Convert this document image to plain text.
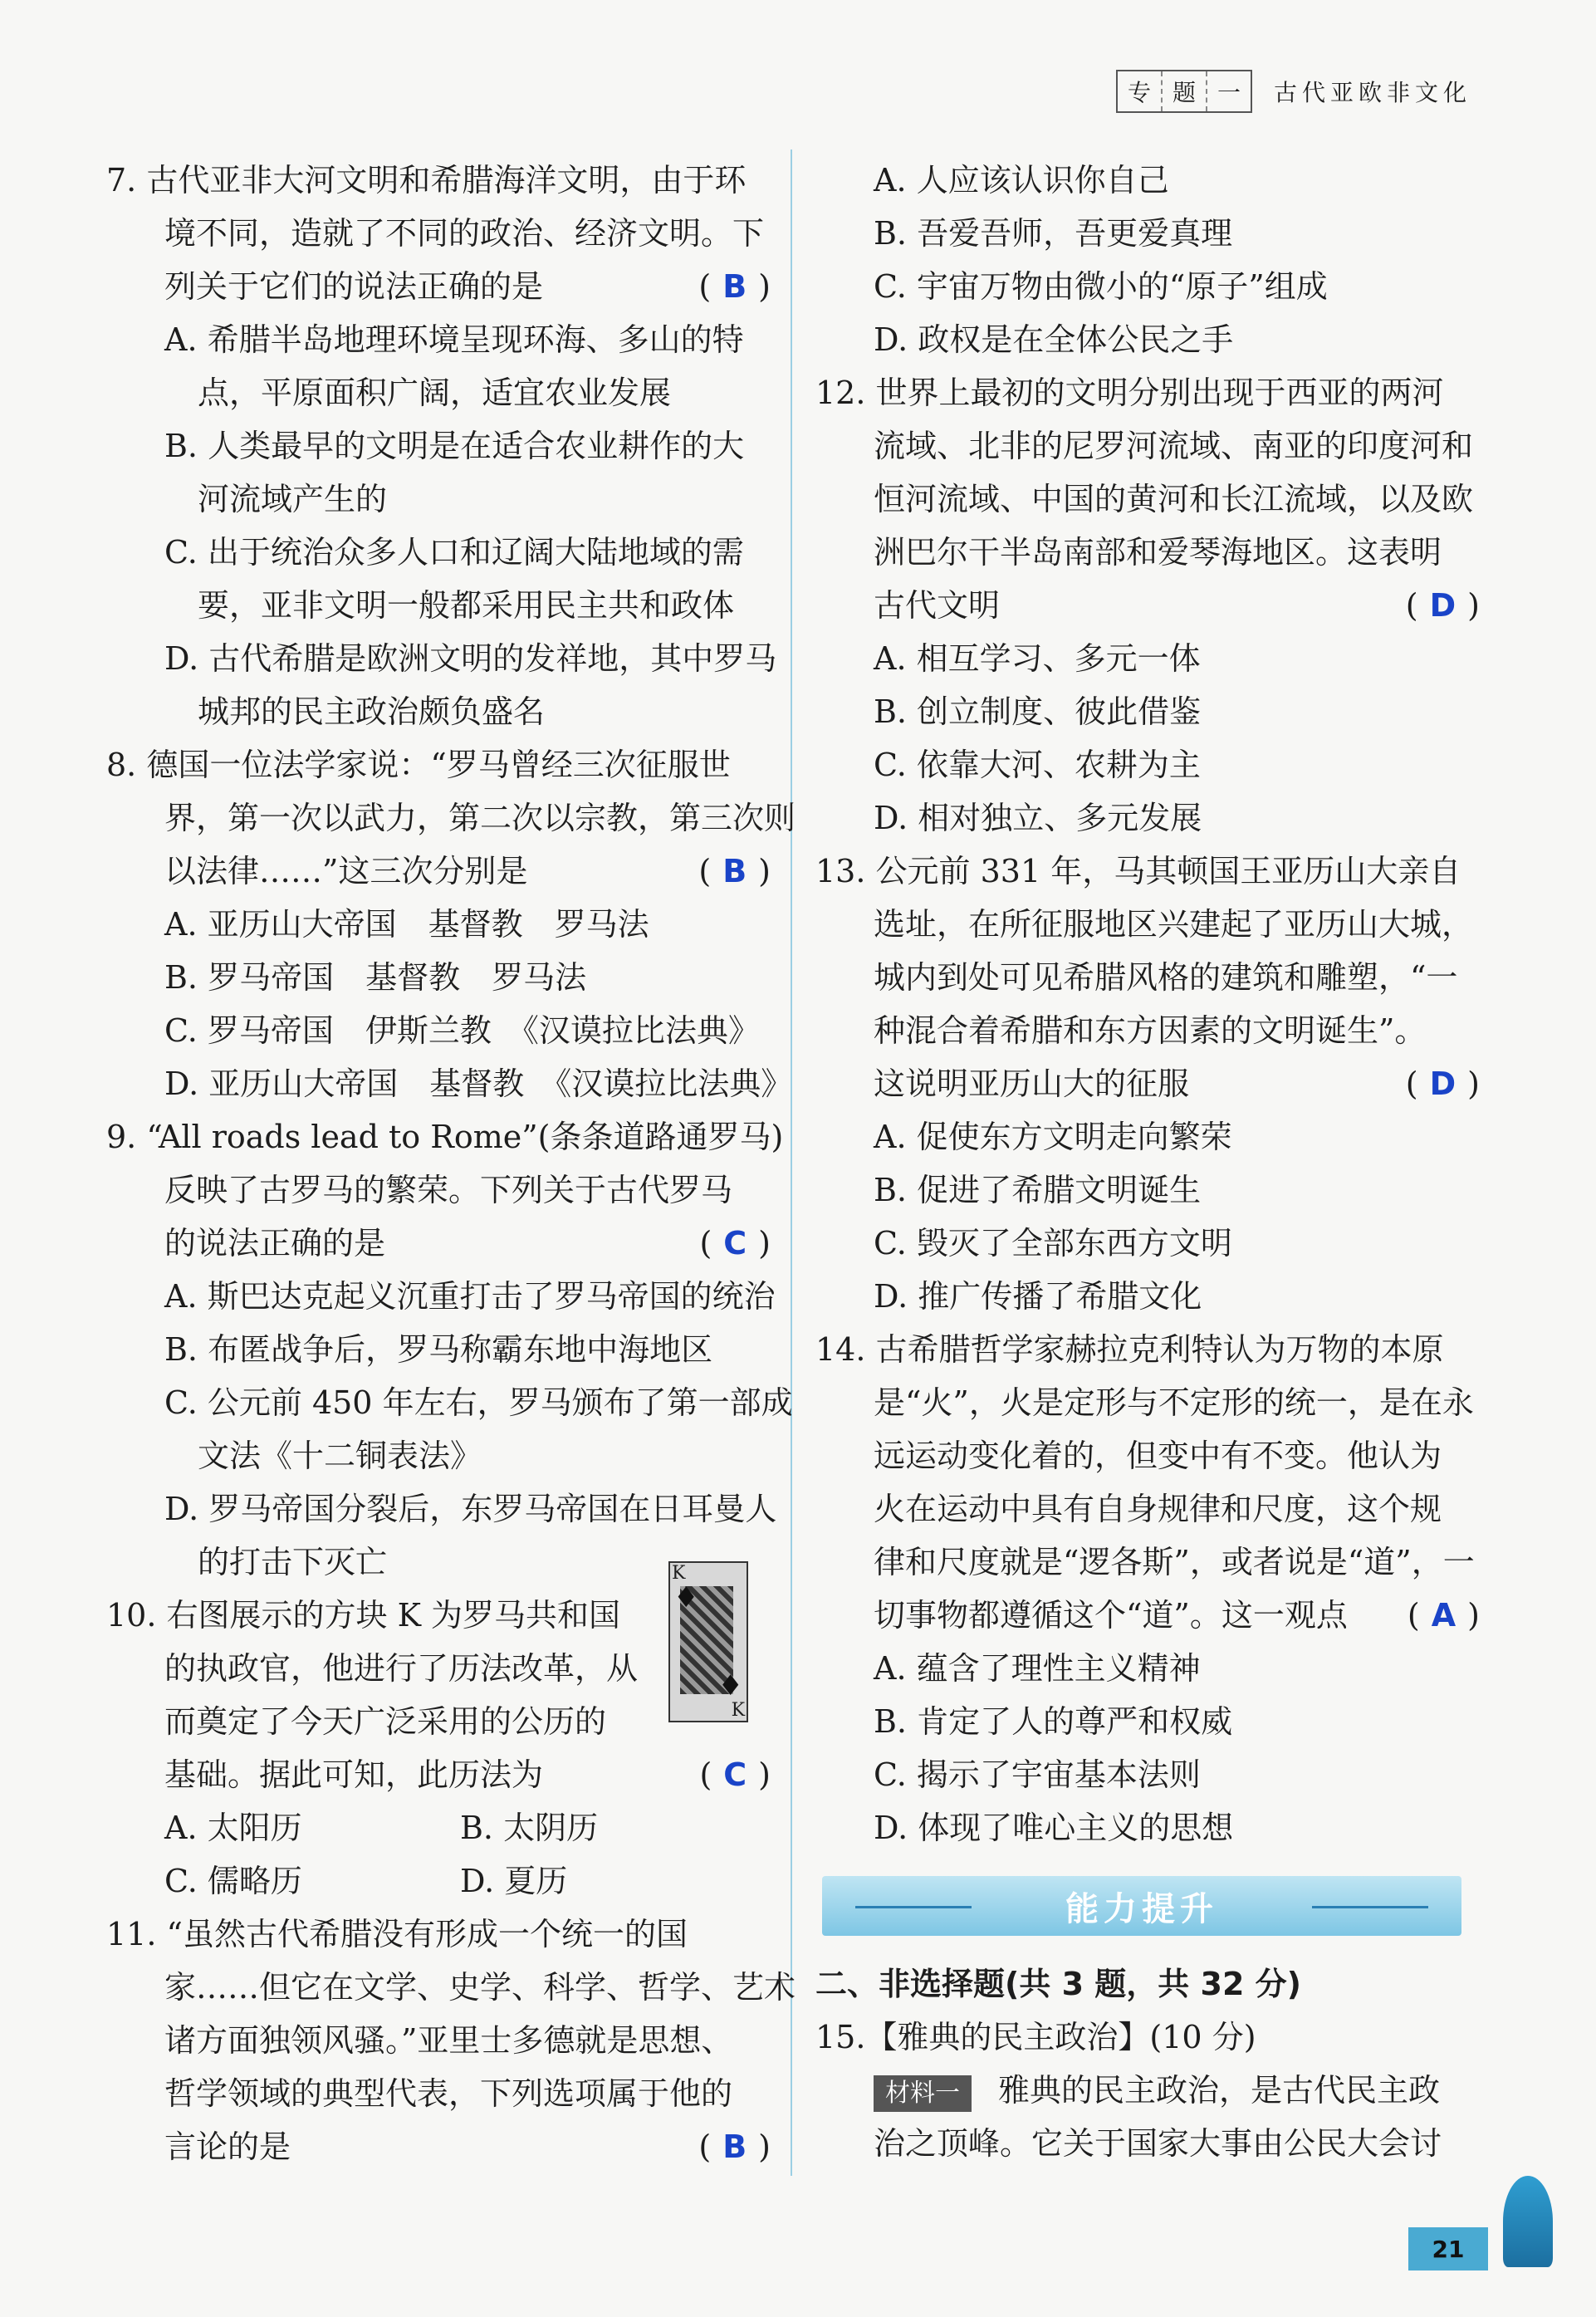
专 题 一	古代亚欧非文化
7. 古代亚非大河文明和希腊海洋文明，由于环
境不同，造就了不同的政治、经济文明。下
列关于它们的说法正确的是	( B )
A. 希腊半岛地理环境呈现环海、多山的特
点，平原面积广阔，适宜农业发展
B. 人类最早的文明是在适合农业耕作的大
河流域产生的
C. 出于统治众多人口和辽阔大陆地域的需
要，亚非文明一般都采用民主共和政体
D. 古代希腊是欧洲文明的发祥地，其中罗马
城邦的民主政治颇负盛名
8. 德国一位法学家说：“罗马曾经三次征服世
界，第一次以武力，第二次以宗教，第三次则
以法律……”这三次分别是	( B )
A. 亚历山大帝国　基督教　罗马法
B. 罗马帝国　基督教　罗马法
C. 罗马帝国　伊斯兰教　《汉谟拉比法典》
D. 亚历山大帝国　基督教　《汉谟拉比法典》
9. “All roads lead to Rome”(条条道路通罗马)
反映了古罗马的繁荣。下列关于古代罗马
的说法正确的是	( C )
A. 斯巴达克起义沉重打击了罗马帝国的统治
B. 布匿战争后，罗马称霸东地中海地区
C. 公元前 450 年左右，罗马颁布了第一部成
文法《十二铜表法》
D. 罗马帝国分裂后，东罗马帝国在日耳曼人
的打击下灭亡
10. 右图展示的方块 K 为罗马共和国
的执政官，他进行了历法改革，从
而奠定了今天广泛采用的公历的
基础。据此可知，此历法为	( C )
A. 太阳历	B. 太阴历
C. 儒略历	D. 夏历
11. “虽然古代希腊没有形成一个统一的国
家……但它在文学、史学、科学、哲学、艺术
诸方面独领风骚。”亚里士多德就是思想、
哲学领域的典型代表，下列选项属于他的
言论的是	( B )
K
♦
♦
K
A. 人应该认识你自己
B. 吾爱吾师，吾更爱真理
C. 宇宙万物由微小的“原子”组成
D. 政权是在全体公民之手
12. 世界上最初的文明分别出现于西亚的两河
流域、北非的尼罗河流域、南亚的印度河和
恒河流域、中国的黄河和长江流域，以及欧
洲巴尔干半岛南部和爱琴海地区。这表明
古代文明	( D )
A. 相互学习、多元一体
B. 创立制度、彼此借鉴
C. 依靠大河、农耕为主
D. 相对独立、多元发展
13. 公元前 331 年，马其顿国王亚历山大亲自
选址，在所征服地区兴建起了亚历山大城，
城内到处可见希腊风格的建筑和雕塑，“一
种混合着希腊和东方因素的文明诞生”。
这说明亚历山大的征服	( D )
A. 促使东方文明走向繁荣
B. 促进了希腊文明诞生
C. 毁灭了全部东西方文明
D. 推广传播了希腊文化
14. 古希腊哲学家赫拉克利特认为万物的本原
是“火”，火是定形与不定形的统一，是在永
远运动变化着的，但变中有不变。他认为
火在运动中具有自身规律和尺度，这个规
律和尺度就是“逻各斯”，或者说是“道”，一
切事物都遵循这个“道”。这一观点 ( A )
A. 蕴含了理性主义精神
B. 肯定了人的尊严和权威
C. 揭示了宇宙基本法则
D. 体现了唯心主义的思想
能力提升
二、非选择题(共 3 题，共 32 分)
15.【雅典的民主政治】(10 分)
材料一 雅典的民主政治，是古代民主政
治之顶峰。它关于国家大事由公民大会讨
21
